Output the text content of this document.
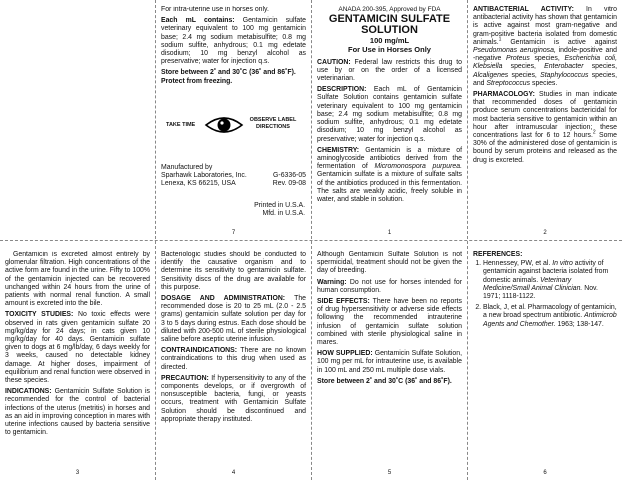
For intra-uterine use in horses only.

Each mL contains: Gentamicin sulfate veterinary equivalent to 100 mg gentamicin base; 2.4 mg sodium metabisulfite; 0.8 mg sodium sulfite, anhydrous; 0.1 mg edetate disodium; 10 mg benzyl alcohol as preservative; water for injection q.s.

Store between 2˚ and 30˚C (36˚ and 86˚F). Protect from freezing.

TAKE TIME
OBSERVE LABEL DIRECTIONS
Manufactured by
Sparhawk Laboratories, Inc.	G-6336-05
Lenexa, KS 66215, USA	Rev. 09-08
Printed in U.S.A.
Mfd. in U.S.A.
7
ANADA 200-395, Approved by FDA
GENTAMICIN SULFATE
SOLUTION
100 mg/mL
For Use in Horses Only

CAUTION: Federal law restricts this drug to use by or on the order of a licensed veterinarian.

DESCRIPTION: Each mL of Gentamicin Sulfate Solution contains gentamicin sulfate veterinary equivalent to 100 mg gentamicin base; 2.4 mg sodium metabisulfite; 0.8 mg sodium sulfite, anhydrous; 0.1 mg edetate disodium; 10 mg benzyl alcohol as preservative; water for injection q.s.

CHEMISTRY: Gentamicin is a mixture of aminoglycoside antibiotics derived from the fermentation of Micromonospora purpurea. Gentamicin sulfate is a mixture of sulfate salts of the antibiotics produced in this fermentation. The salts are weakly acidic, freely soluble in water, and stable in solution.

1

ANTIBACTERIAL ACTIVITY: In vitro antibacterial activity has shown that gentamicin is active against most gram-negative and gram-positive bacteria isolated from domestic animals.$^1$ Gentamicin is active against Pseudomonas aeruginosa, indole-positive and -negative Proteus species, Escherichia coli, Klebsiella species, Enterobacter species, Alcaligenes species, Staphylococcus species, and Streptococcus species.

PHARMACOLOGY: Studies in man indicate that recommended doses of gentamicin produce serum concentrations bactericidal for most bacteria sensitive to gentamicin within an hour after intramuscular injection; these concentrations last for 6 to 12 hours.$^2$ Some 30% of the administered dose of gentamicin is bound by serum proteins and released as the drug is excreted.

2

Gentamicin is excreted almost entirely by glomerular filtration. High concentrations of the active form are found in the urine. Fifty to 100% of the gentamicin injected can be recovered unchanged within 24 hours from the urine of patients with normal renal function. A small amount is excreted into the bile.

TOXICITY STUDIES: No toxic effects were observed in rats given gentamicin sulfate 20 mg/kg/day for 24 days; in cats given 10 mg/kg/day for 40 days. Gentamicin sulfate given to dogs at 6 mg/lb/day, 6 days weekly for 3 weeks, caused no detectable kidney damage. At higher doses, impairment of equilibrium and renal function were observed in these species.

INDICATIONS: Gentamicin Sulfate Solution is recommended for the control of bacterial infections of the uterus (metritis) in horses and as an aid in improving conception in mares with uterine infections caused by bacteria sensitive to gentamicin.

3

Bacteriologic studies should be conducted to identify the causative organism and to determine its sensitivity to gentamicin sulfate. Sensitivity discs of the drug are available for this purpose.

DOSAGE AND ADMINISTRATION: The recommended dose is 20 to 25 mL (2.0 - 2.5 grams) gentamicin sulfate solution per day for 3 to 5 days during estrus. Each dose should be diluted with 200-500 mL of sterile physiological saline before aseptic uterine infusion.

CONTRAINDICATIONS: There are no known contraindications to this drug when used as directed.

PRECAUTION: If hypersensitivity to any of the components develops, or if overgrowth of nonsusceptible bacteria, fungi, or yeasts occurs, treatment with Gentamicin Sulfate Solution should be discontinued and appropriate therapy instituted.

4

Although Gentamicin Sulfate Solution is not spermicidal, treatment should not be given the day of breeding.

Warning: Do not use for horses intended for human consumption.

SIDE EFFECTS: There have been no reports of drug hypersensitivity or adverse side effects following the recommended intrauterine infusion of gentamicin sulfate solution combined with sterile physiological saline in mares.

HOW SUPPLIED: Gentamicin Sulfate Solution, 100 mg per mL for intrauterine use, is available in 100 mL and 250 mL multiple dose vials.

Store between 2˚ and 30˚C (36˚ and 86˚F).

5
REFERENCES:
1. Hennessey, PW, et al. In vitro activity of gentamicin against bacteria isolated from domestic animals. Veterinary Medicine/Small Animal Clinician. Nov. 1971; 1118-1122.
2. Black, J, et al. Pharmacology of gentamicin, a new broad spectrum antibiotic. Antimicrob Agents and Chemother. 1963; 138-147.
6
